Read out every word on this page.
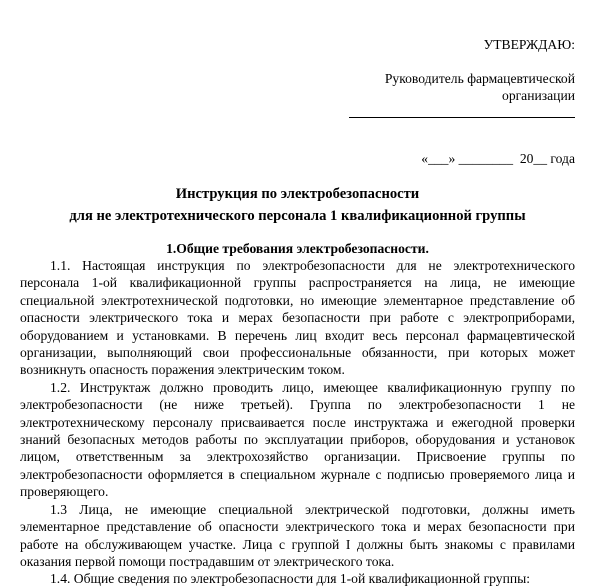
УТВЕРЖДАЮ:
Руководитель фармацевтической
организации
«___» ________  20__ года
Инструкция по электробезопасности
для не электротехнического персонала 1 квалификационной группы
1.Общие требования электробезопасности.

1.1. Настоящая инструкция по электробезопасности для не электротехнического персонала 1-ой квалификационной группы распространяется на лица, не имеющие специальной электротехнической подготовки, но имеющие элементарное представление об опасности электрического тока и мерах безопасности при работе с электроприборами, оборудованием и установками. В перечень лиц входит весь персонал фармацевтической организации, выполняющий свои профессиональные обязанности, при которых может возникнуть опасность поражения электрическим током.

1.2. Инструктаж должно проводить лицо, имеющее квалификационную группу по электробезопасности (не ниже третьей). Группа по электробезопасности 1 не электротехническому персоналу присваивается после инструктажа и ежегодной проверки знаний безопасных методов работы по эксплуатации приборов, оборудования и установок лицом, ответственным за электрохозяйство организации. Присвоение группы по электробезопасности оформляется в специальном журнале с подписью проверяемого лица и проверяющего.

1.3 Лица, не имеющие специальной электрической подготовки, должны иметь элементарное представление об опасности электрического тока и мерах безопасности при работе на обслуживающем участке. Лица с группой I должны быть знакомы с правилами оказания первой помощи пострадавшим от электрического тока.

1.4. Общие сведения по электробезопасности для 1-ой квалификационной группы:
